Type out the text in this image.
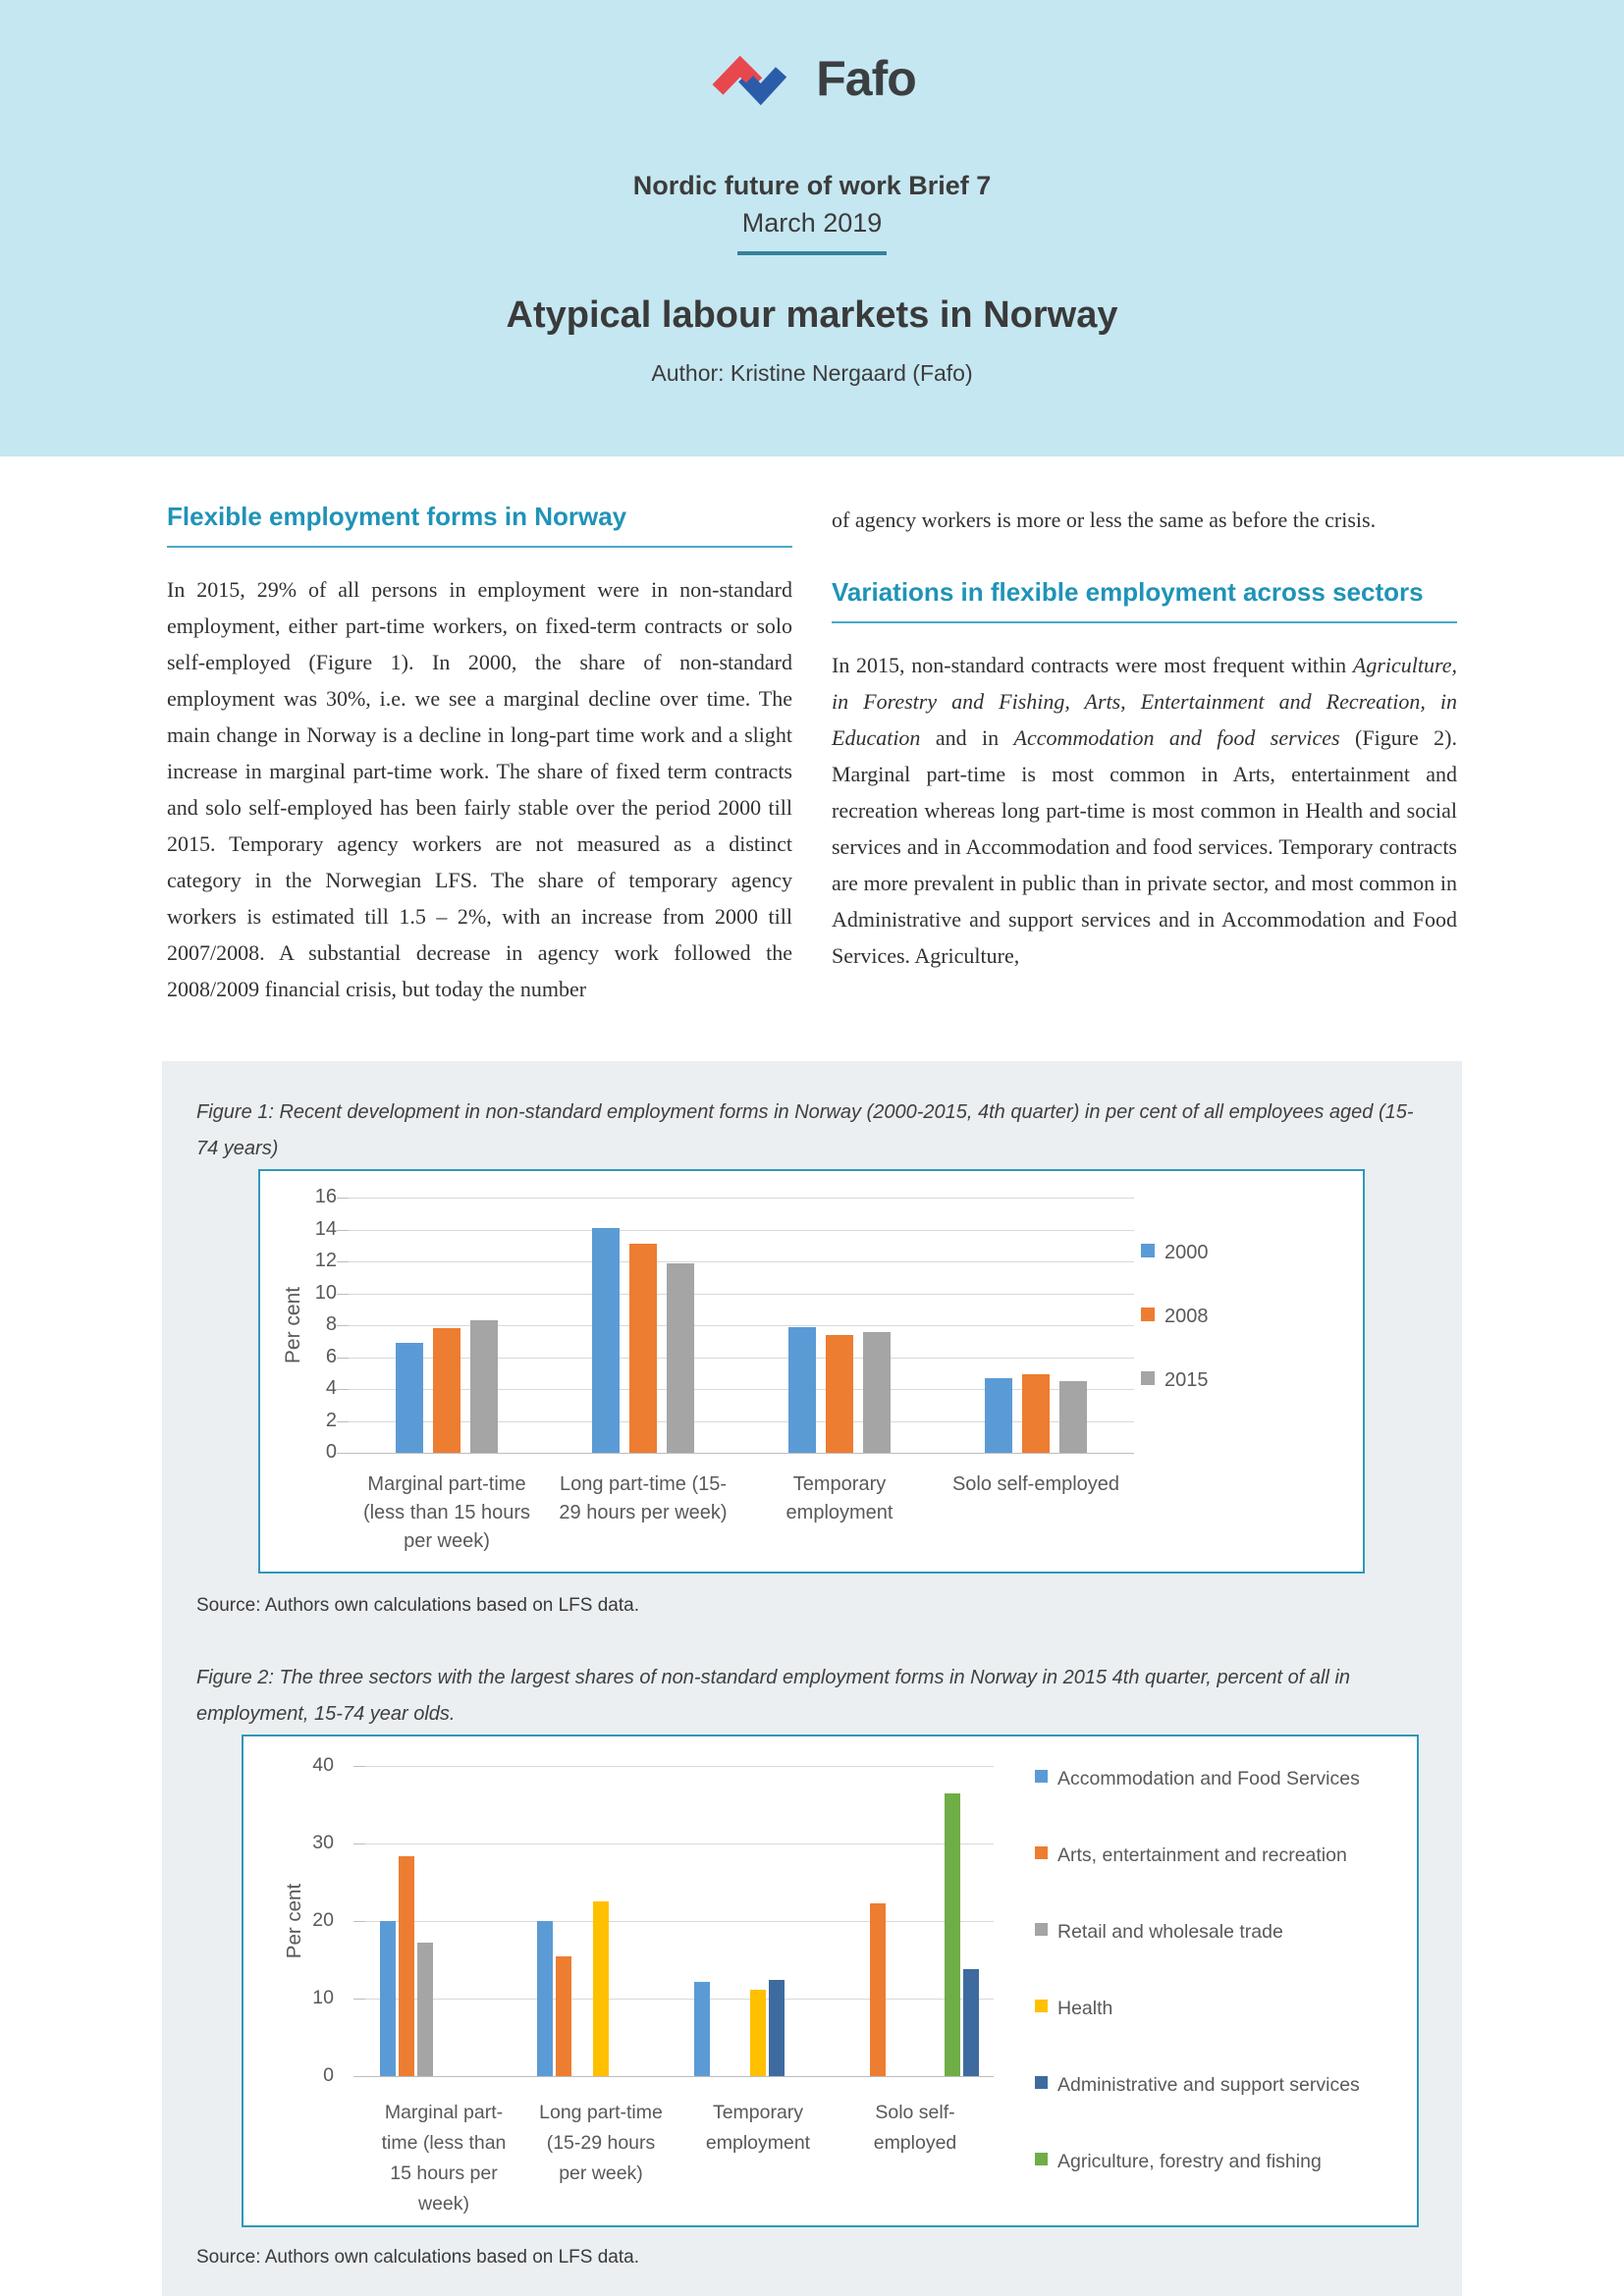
Fafo
Nordic future of work Brief 7
March 2019
Atypical labour markets in Norway
Author: Kristine Nergaard (Fafo)
Flexible employment forms in Norway

In 2015, 29% of all persons in employment were in non-standard employment, either part-time workers, on fixed-term contracts or solo self-employed (Figure 1). In 2000, the share of non-standard employment was 30%, i.e. we see a marginal decline over time. The main change in Norway is a decline in long-part time work and a slight increase in marginal part-time work. The share of fixed term contracts and solo self-employed has been fairly stable over the period 2000 till 2015. Temporary agency workers are not measured as a distinct category in the Norwegian LFS. The share of temporary agency workers is estimated till 1.5 – 2%, with an increase from 2000 till 2007/2008. A substantial decrease in agency work followed the 2008/2009 financial crisis, but today the number

of agency workers is more or less the same as before the crisis.

Variations in flexible employment across sectors

In 2015, non-standard contracts were most frequent within Agriculture, in Forestry and Fishing, Arts, Entertainment and Recreation, in Education and in Accommodation and food services (Figure 2). Marginal part-time is most common in Arts, entertainment and recreation whereas long part-time is most common in Health and social services and in Accommodation and food services. Temporary contracts are more prevalent in public than in private sector, and most common in Administrative and support services and in Accommodation and Food Services. Agriculture,

Figure 1: Recent development in non-standard employment forms in Norway (2000-2015, 4th quarter) in per cent of all employees aged (15-74 years)
0
2
4
6
8
10
12
14
16
Per cent
Marginal part-time (less than 15 hours per week)
Long part-time (15-29 hours per week)
Temporary employment
Solo self-employed
2000
2008
2015
Source: Authors own calculations based on LFS data.
Figure 2: The three sectors with the largest shares of non-standard employment forms in Norway in 2015 4th quarter, percent of all in employment, 15-74 year olds.
0
10
20
30
40
Per cent
Marginal part-time (less than 15 hours per week)
Long part-time (15-29 hours per week)
Temporary employment
Solo self-employed
Accommodation and Food Services
Arts, entertainment and recreation
Retail and wholesale trade
Health
Administrative and support services
Agriculture, forestry and fishing
Source: Authors own calculations based on LFS data.
